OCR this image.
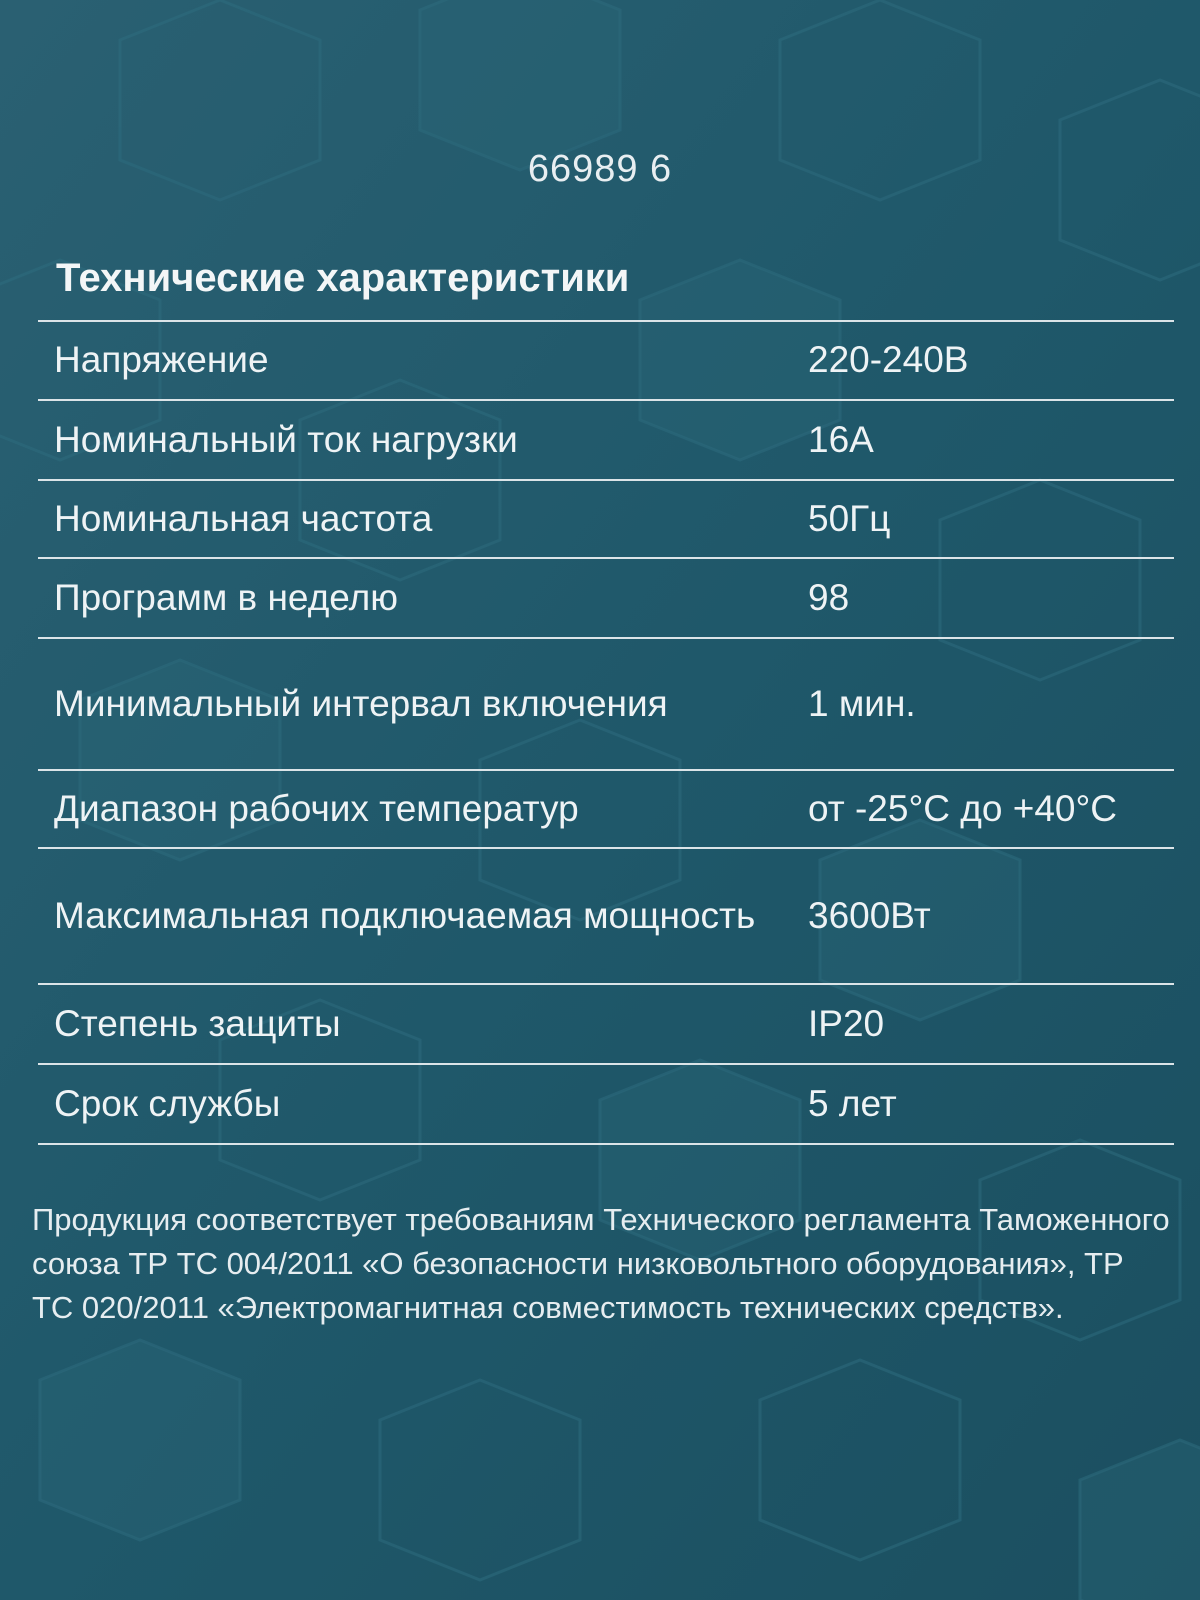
66989 6
Технические характеристики
Напряжение	220-240В
Номинальный ток нагрузки	16А
Номинальная частота	50Гц
Программ в неделю	98
Минимальный интервал включения	1 мин.
Диапазон рабочих температур	от -25°C до +40°C
Максимальная подключаемая мощность	3600Вт
Степень защиты	IP20
Срок службы	5 лет
Продукция соответствует требованиям Технического регламента Таможенного союза ТР ТС 004/2011 «О безопасности низковольтного оборудования», ТР ТС 020/2011 «Электромагнитная совместимость технических средств».
